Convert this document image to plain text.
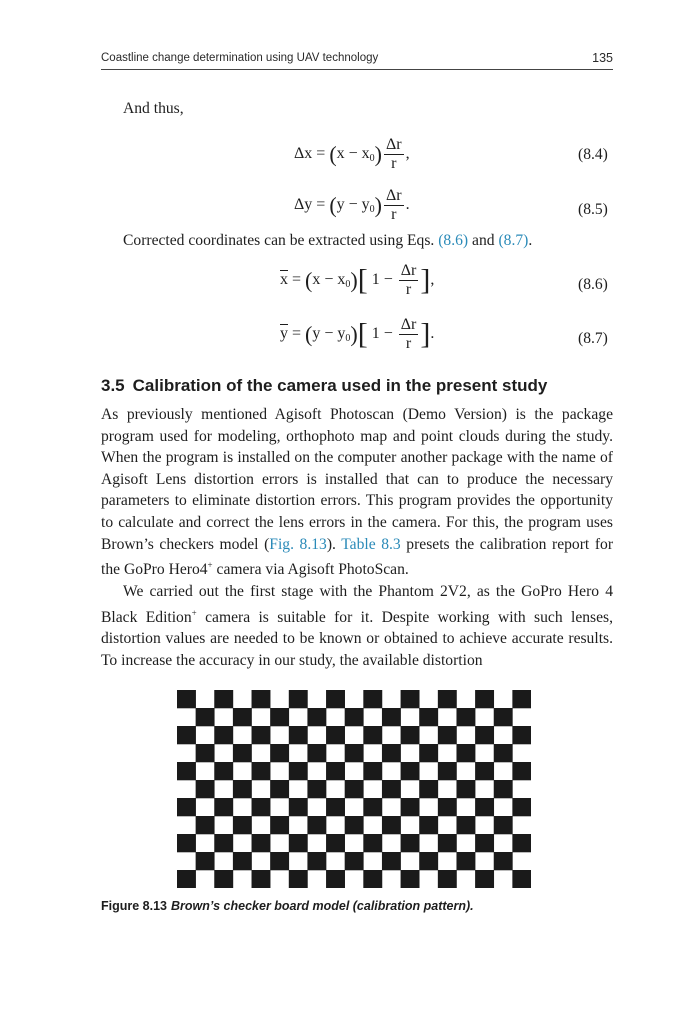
Coastline change determination using UAV technology	135

And thus,

$\Delta x = (x - x_0) \frac{\Delta r}{r}$ ,	(8.4)
$\Delta y = (y - y_0) \frac{\Delta r}{r}$ .	(8.5)

Corrected coordinates can be extracted using Eqs. (8.6) and (8.7).

$\overline{x} = (x - x_0)$[ $1 - \frac{\Delta r}{r}$ ],	(8.6)
$\overline{y} = (y - y_0)$[ $1 - \frac{\Delta r}{r}$ ].	(8.7)
3.5 Calibration of the camera used in the present study

As previously mentioned Agisoft Photoscan (Demo Version) is the package program used for modeling, orthophoto map and point clouds during the study. When the program is installed on the computer another package with the name of Agisoft Lens distortion errors is installed that can to produce the necessary parameters to eliminate distortion errors. This program provides the opportunity to calculate and correct the lens errors in the camera. For this, the program uses Brown’s checkers model (Fig. 8.13). Table 8.3 presets the calibration report for the GoPro Hero4+ camera via Agisoft PhotoScan.

We carried out the first stage with the Phantom 2V2, as the GoPro Hero 4 Black Edition+ camera is suitable for it. Despite working with such lenses, distortion values are needed to be known or obtained to achieve accurate results. To increase the accuracy in our study, the available distortion

Figure 8.13 Brown’s checker board model (calibration pattern).
